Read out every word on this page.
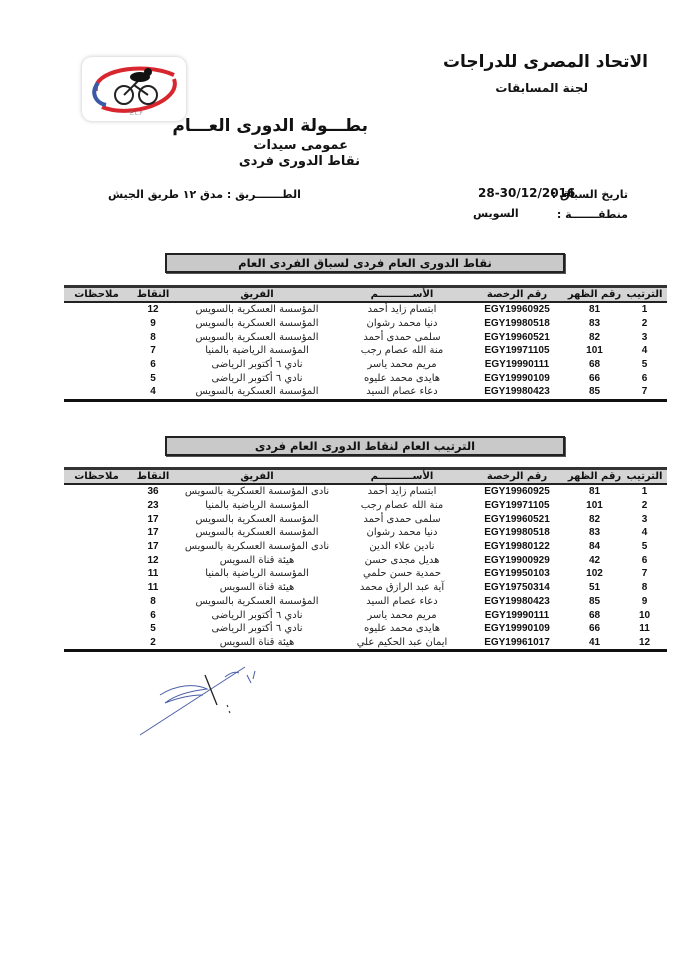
الاتحاد المصرى للدراجات
لجنة المسابقات
E.C.F
بطـــولة الدورى العـــام
عمومى سيدات
نقاط الدورى فردى
تاريخ السباق :
28-30/12/2016
منطقـــــــة :
السويس
الطـــــــريق : مدق ١٢ طريق الجيش
نقاط الدورى العام فردى لسباق الفردى العام
الترتيب	رقم الظهر	رقم الرخصة	الأســــــــــم	الفريق	النقاط	ملاحظات
1	81	EGY19960925	ابتسام زايد أحمد	المؤسسة العسكرية بالسويس	12	
2	83	EGY19980518	دنيا محمد رشوان	المؤسسة العسكرية بالسويس	9	
3	82	EGY19960521	سلمى حمدى أحمد	المؤسسة العسكرية بالسويس	8	
4	101	EGY19971105	منة الله عصام رجب	المؤسسة الرياضية بالمنيا	7	
5	68	EGY19990111	مريم محمد ياسر	نادي ٦ أكتوبر الرياضى	6	
6	66	EGY19990109	هايدى محمد عليوه	نادي ٦ أكتوبر الرياضى	5	
7	85	EGY19980423	دعاء عصام السيد	المؤسسة العسكرية بالسويس	4	
الترتيب العام لنقاط الدورى العام فردى
الترتيب	رقم الظهر	رقم الرخصة	الأســــــــــم	الفريق	النقاط	ملاحظات
1	81	EGY19960925	ابتسام زايد أحمد	نادى المؤسسة العسكرية بالسويس	36	
2	101	EGY19971105	منة الله عصام رجب	المؤسسة الرياضية بالمنيا	23	
3	82	EGY19960521	سلمى حمدى أحمد	المؤسسة العسكرية بالسويس	17	
4	83	EGY19980518	دنيا محمد رشوان	المؤسسة العسكرية بالسويس	17	
5	84	EGY19980122	نادين علاء الدين	نادى المؤسسة العسكرية بالسويس	17	
6	42	EGY19900929	هديل مجدى حسن	هيئة قناة السويس	12	
7	102	EGY19950103	حمدية حسن حلمي	المؤسسة الرياضية بالمنيا	11	
8	51	EGY19750314	آية عبد الرازق محمد	هيئة قناة السويس	11	
9	85	EGY19980423	دعاء عصام السيد	المؤسسة العسكرية بالسويس	8	
10	68	EGY19990111	مريم محمد ياسر	نادي ٦ أكتوبر الرياضى	6	
11	66	EGY19990109	هايدى محمد عليوه	نادي ٦ أكتوبر الرياضى	5	
12	41	EGY19961017	ايمان عبد الحكيم علي	هيئة قناة السويس	2	
